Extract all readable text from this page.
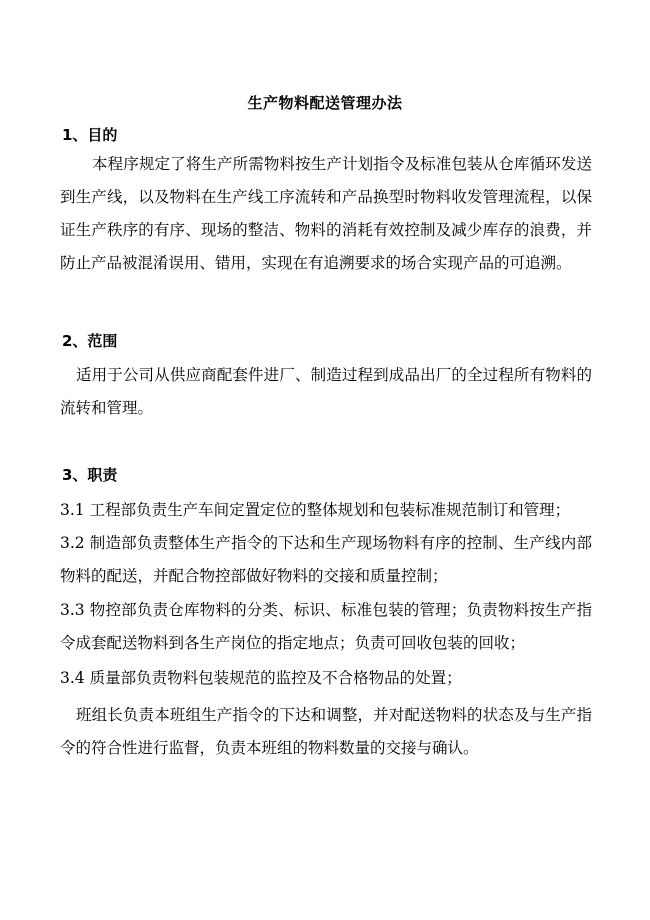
生产物料配送管理办法
1、目的
本程序规定了将生产所需物料按生产计划指令及标准包装从仓库循环发送到生产线，以及物料在生产线工序流转和产品换型时物料收发管理流程，以保证生产秩序的有序、现场的整洁、物料的消耗有效控制及减少库存的浪费，并防止产品被混淆误用、错用，实现在有追溯要求的场合实现产品的可追溯。
2、范围
适用于公司从供应商配套件进厂、制造过程到成品出厂的全过程所有物料的流转和管理。
3、职责
3.1 工程部负责生产车间定置定位的整体规划和包装标准规范制订和管理；
3.2 制造部负责整体生产指令的下达和生产现场物料有序的控制、生产线内部物料的配送，并配合物控部做好物料的交接和质量控制；
3.3 物控部负责仓库物料的分类、标识、标准包装的管理；负责物料按生产指令成套配送物料到各生产岗位的指定地点；负责可回收包装的回收；
3.4 质量部负责物料包装规范的监控及不合格物品的处置；
班组长负责本班组生产指令的下达和调整，并对配送物料的状态及与生产指令的符合性进行监督，负责本班组的物料数量的交接与确认。
